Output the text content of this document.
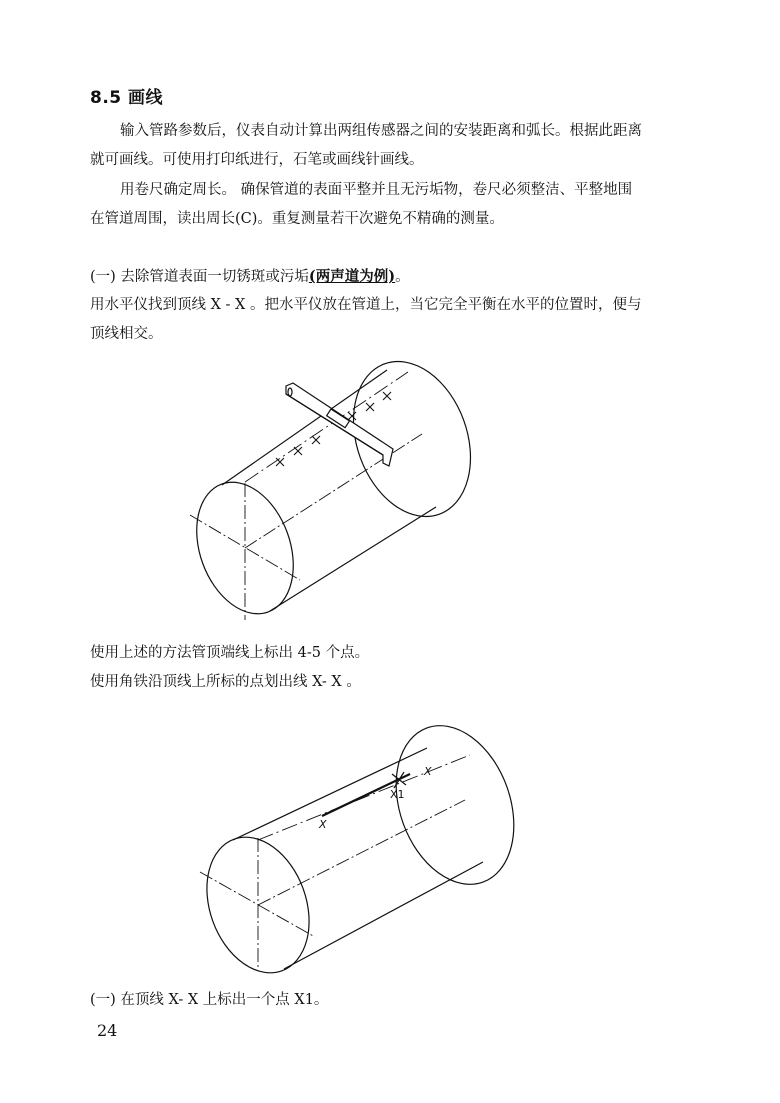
8.5 画线
输入管路参数后，仪表自动计算出两组传感器之间的安装距离和弧长。根据此距离
就可画线。可使用打印纸进行，石笔或画线针画线。
用卷尺确定周长。 确保管道的表面平整并且无污垢物，卷尺必须整洁、平整地围
在管道周围，读出周长(C)。重复测量若干次避免不精确的测量。
(一) 去除管道表面一切锈斑或污垢(两声道为例)。
用水平仪找到顶线 X - X 。把水平仪放在管道上，当它完全平衡在水平的位置时，便与
顶线相交。
使用上述的方法管顶端线上标出 4-5 个点。
使用角铁沿顶线上所标的点划出线 X- X 。
(一) 在顶线 X- X 上标出一个点 X1。
24
X
X1
X
